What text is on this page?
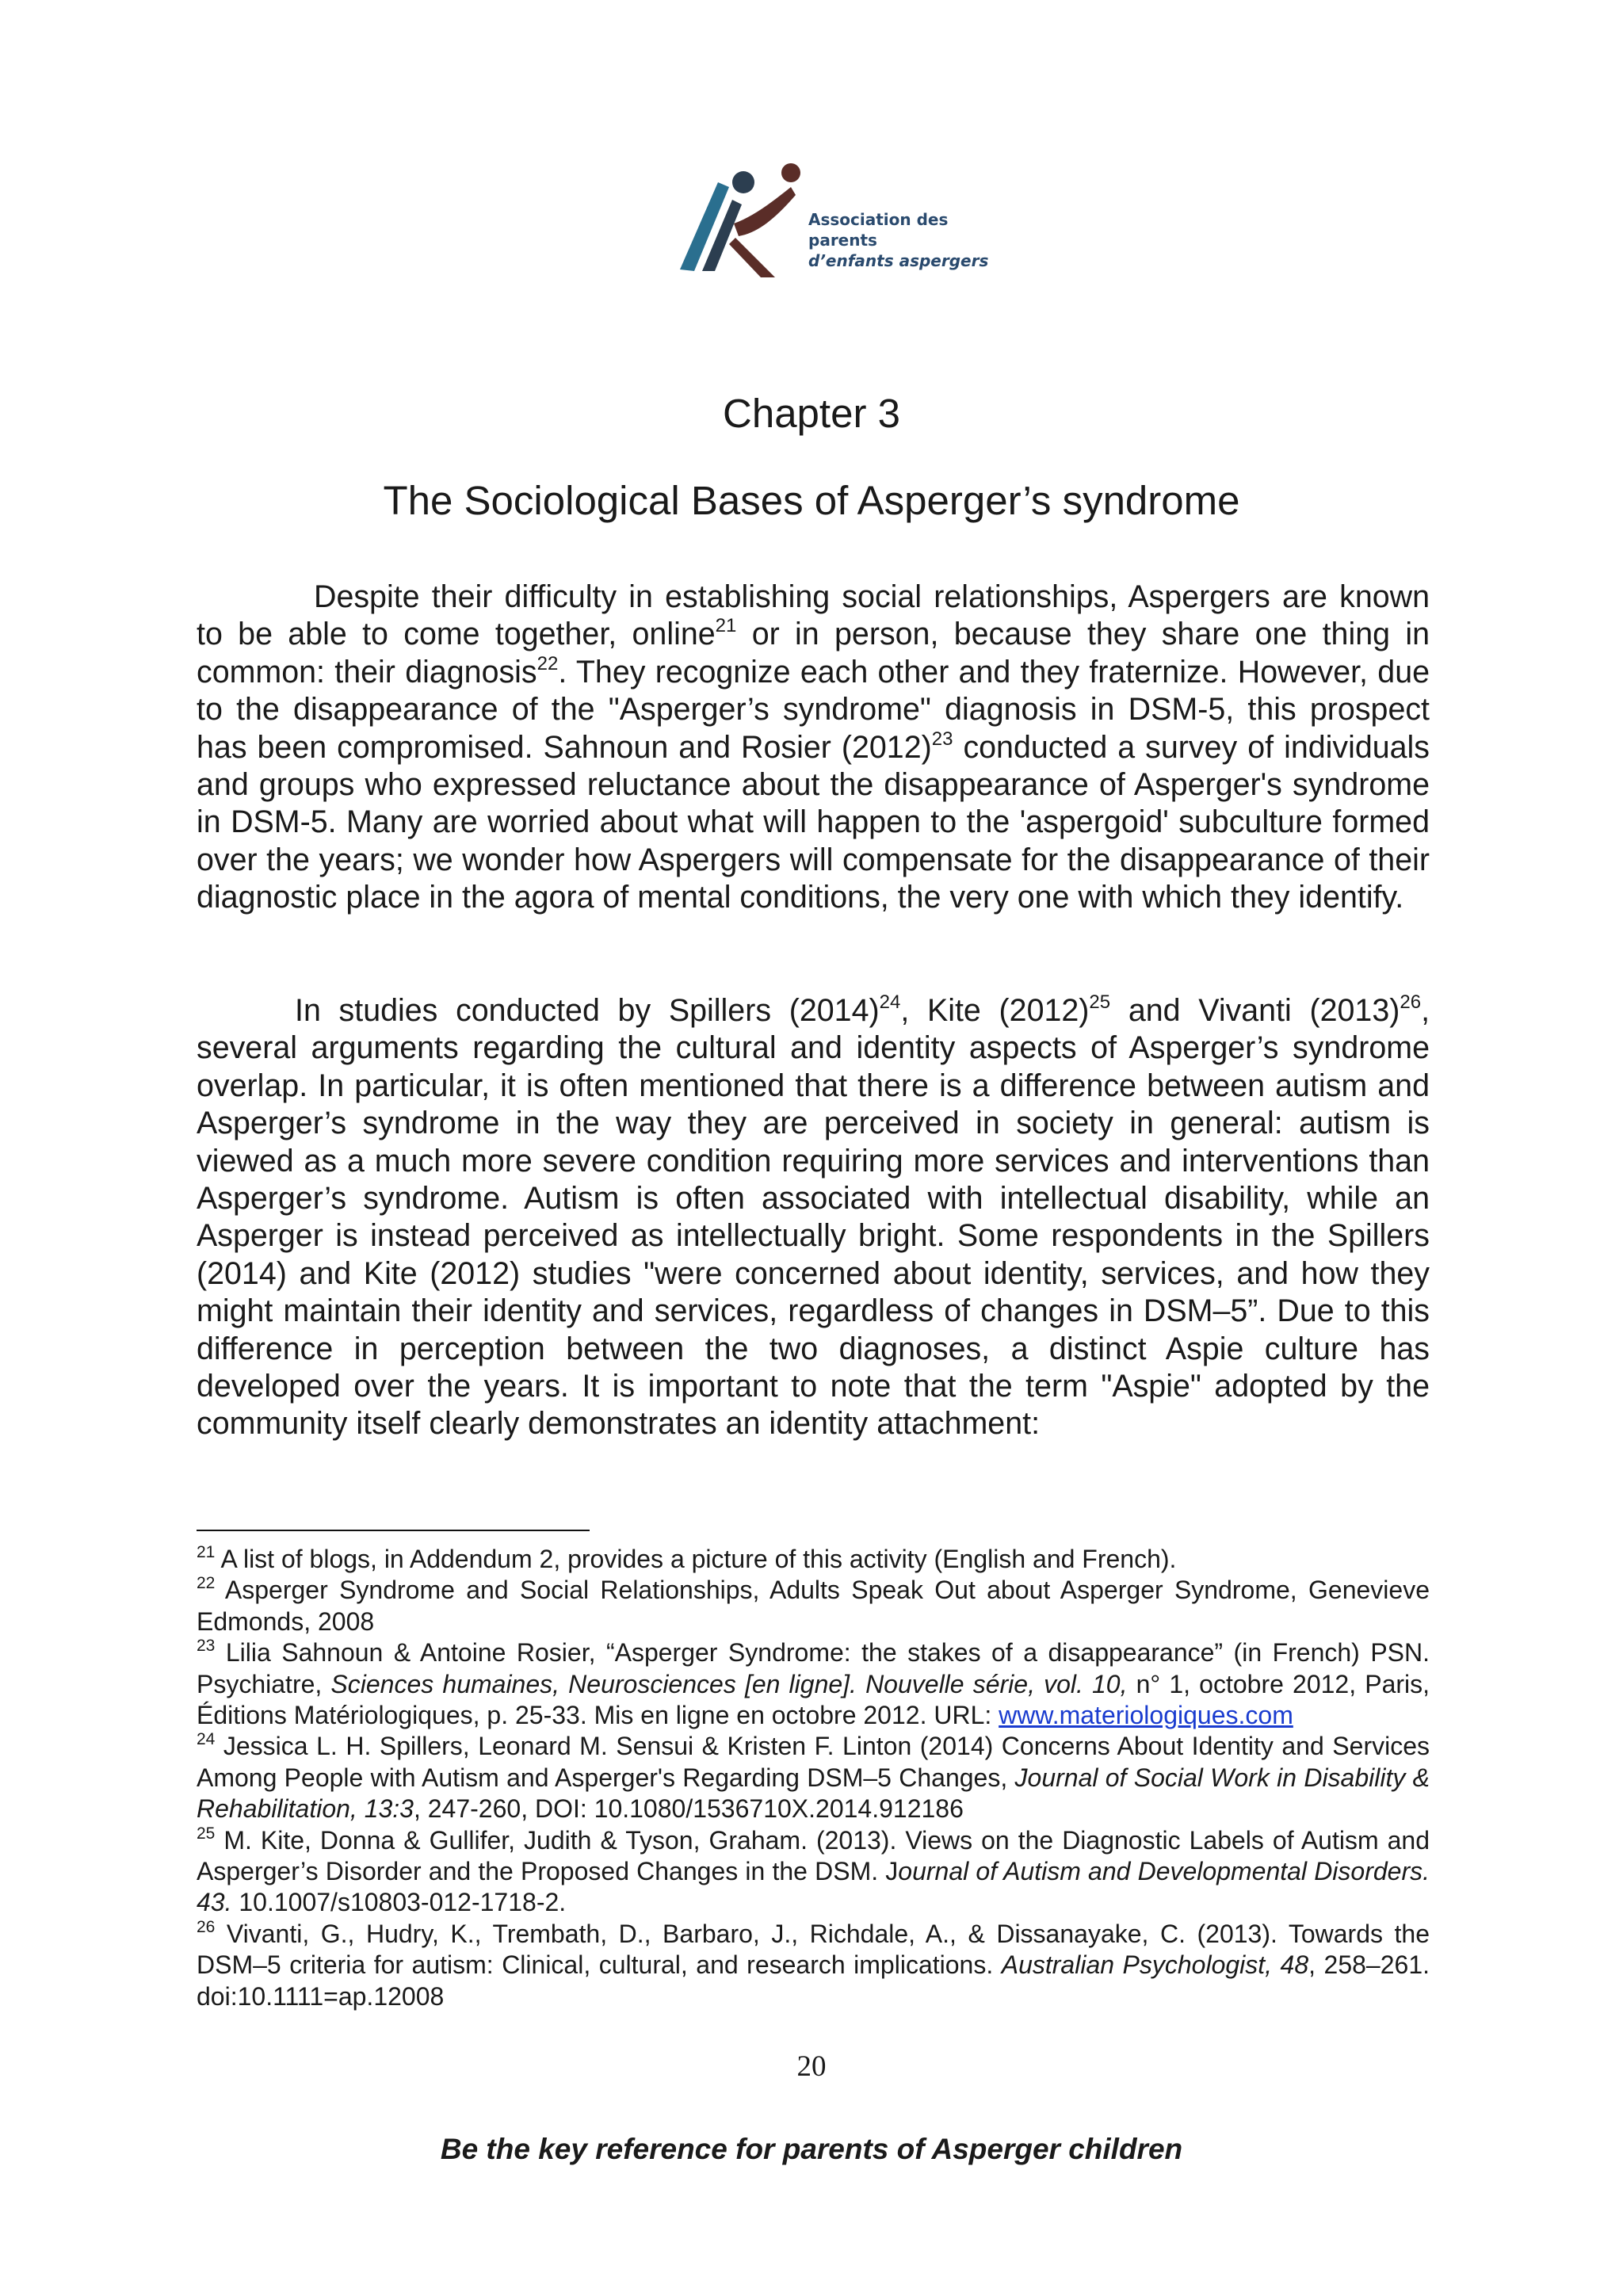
Association des parents
d’enfants aspergers
Chapter 3
The Sociological Bases of Asperger’s syndrome

Despite their difficulty in establishing social relationships, Aspergers are known to be able to come together, online$^{21}$ or in person, because they share one thing in common: their diagnosis$^{22}$. They recognize each other and they fraternize. However, due to the disappearance of the "Asperger’s syndrome" diagnosis in DSM-5, this prospect has been compromised. Sahnoun and Rosier $(2012)^{23}$ conducted a survey of individuals and groups who expressed reluctance about the disappearance of Asperger's syndrome in DSM-5. Many are worried about what will happen to the 'aspergoid' subculture formed over the years; we wonder how Aspergers will compensate for the disappearance of their diagnostic place in the agora of mental conditions, the very one with which they identify.

In studies conducted by Spillers $(2014)^{24}$, Kite $(2012)^{25}$ and Vivanti $(2013)^{26}$, several arguments regarding the cultural and identity aspects of Asperger’s syndrome overlap. In particular, it is often mentioned that there is a difference between autism and Asperger’s syndrome in the way they are perceived in society in general: autism is viewed as a much more severe condition requiring more services and interventions than Asperger’s syndrome. Autism is often associated with intellectual disability, while an Asperger is instead perceived as intellectually bright. Some respondents in the Spillers (2014) and Kite (2012) studies "were concerned about identity, services, and how they might maintain their identity and services, regardless of changes in DSM–5”. Due to this difference in perception between the two diagnoses, a distinct Aspie culture has developed over the years. It is important to note that the term "Aspie" adopted by the community itself clearly demonstrates an identity attachment:

$^{21}$ A list of blogs, in Addendum 2, provides a picture of this activity (English and French).

$^{22}$ Asperger Syndrome and Social Relationships, Adults Speak Out about Asperger Syndrome, Genevieve Edmonds, 2008

$^{23}$ Lilia Sahnoun & Antoine Rosier, “Asperger Syndrome: the stakes of a disappearance” (in French) PSN. Psychiatre, Sciences humaines, Neurosciences [en ligne]. Nouvelle série, vol. 10, n° 1, octobre 2012, Paris, Éditions Matériologiques, p. 25-33. Mis en ligne en octobre 2012. URL: www.materiologiques.com

$^{24}$ Jessica L. H. Spillers, Leonard M. Sensui & Kristen F. Linton (2014) Concerns About Identity and Services Among People with Autism and Asperger's Regarding DSM–5 Changes, Journal of Social Work in Disability & Rehabilitation, 13:3, 247-260, DOI: 10.1080/1536710X.2014.912186

$^{25}$ M. Kite, Donna & Gullifer, Judith & Tyson, Graham. (2013). Views on the Diagnostic Labels of Autism and Asperger’s Disorder and the Proposed Changes in the DSM. Journal of Autism and Developmental Disorders. 43. 10.1007/s10803-012-1718-2.

$^{26}$ Vivanti, G., Hudry, K., Trembath, D., Barbaro, J., Richdale, A., & Dissanayake, C. (2013). Towards the DSM–5 criteria for autism: Clinical, cultural, and research implications. Australian Psychologist, 48, 258–261. doi:10.1111=ap.12008

20
Be the key reference for parents of Asperger children
